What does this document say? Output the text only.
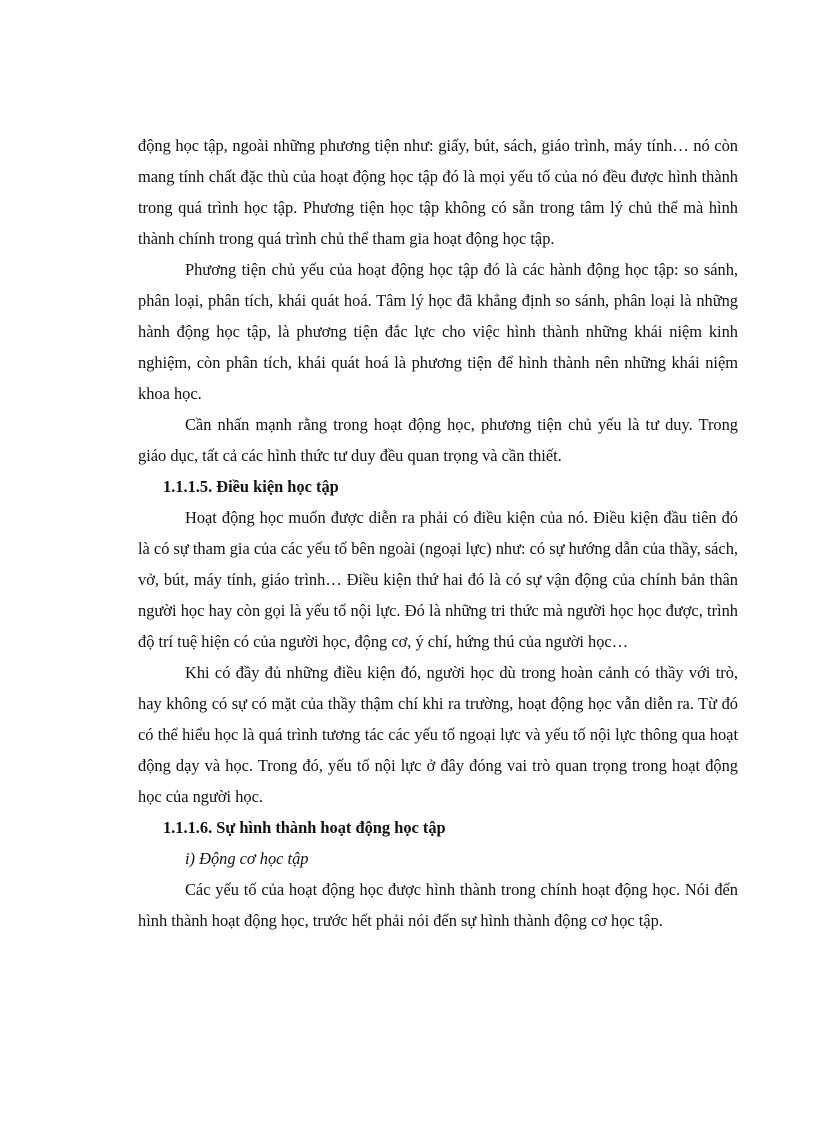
động học tập, ngoài những phương tiện như: giấy, bút, sách, giáo trình, máy tính… nó còn mang tính chất đặc thù của hoạt động học tập đó là mọi yếu tố của nó đều được hình thành trong quá trình học tập. Phương tiện học tập không có sẵn trong tâm lý chủ thể mà hình thành chính trong quá trình chủ thể tham gia hoạt động học tập.

Phương tiện chủ yếu của hoạt động học tập đó là các hành động học tập: so sánh, phân loại, phân tích, khái quát hoá. Tâm lý học đã khẳng định so sánh, phân loại là những hành động học tập, là phương tiện đắc lực cho việc hình thành những khái niệm kinh nghiệm, còn phân tích, khái quát hoá là phương tiện để hình thành nên những khái niệm khoa học.

Cần nhấn mạnh rằng trong hoạt động học, phương tiện chủ yếu là tư duy. Trong giáo dục, tất cả các hình thức tư duy đều quan trọng và cần thiết.

1.1.1.5. Điều kiện học tập

Hoạt động học muốn được diễn ra phải có điều kiện của nó. Điều kiện đầu tiên đó là có sự tham gia của các yếu tố bên ngoài (ngoại lực) như: có sự hướng dẫn của thầy, sách, vở, bút, máy tính, giáo trình… Điều kiện thứ hai đó là có sự vận động của chính bản thân người học hay còn gọi là yếu tố nội lực. Đó là những tri thức mà người học học được, trình độ trí tuệ hiện có của người học, động cơ, ý chí, hứng thú của người học…

Khi có đầy đủ những điều kiện đó, người học dù trong hoàn cảnh có thầy với trò, hay không có sự có mặt của thầy thậm chí khi ra trường, hoạt động học vẫn diễn ra. Từ đó có thể hiểu học là quá trình tương tác các yếu tố ngoại lực và yếu tố nội lực thông qua hoạt động dạy và học. Trong đó, yếu tố nội lực ở đây đóng vai trò quan trọng trong hoạt động học của người học.

1.1.1.6. Sự hình thành hoạt động học tập

i) Động cơ học tập

Các yếu tố của hoạt động học được hình thành trong chính hoạt động học. Nói đến hình thành hoạt động học, trước hết phải nói đến sự hình thành động cơ học tập.
